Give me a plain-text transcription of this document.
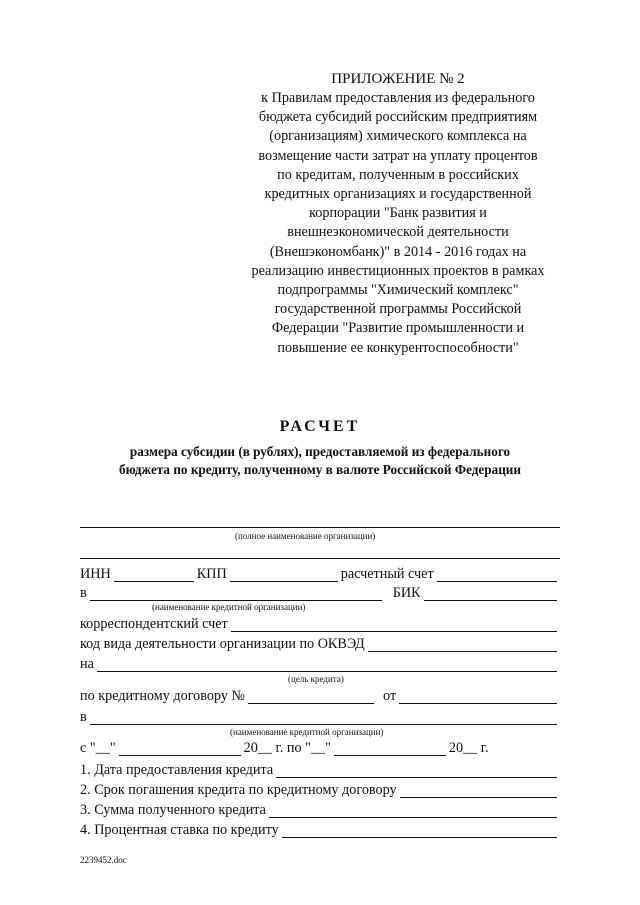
ПРИЛОЖЕНИЕ № 2
к Правилам предоставления из федерального
бюджета субсидий российским предприятиям
(организациям) химического комплекса на
возмещение части затрат на уплату процентов
по кредитам, полученным в российских
кредитных организациях и государственной
корпорации "Банк развития и
внешнеэкономической деятельности
(Внешэкономбанк)" в 2014 - 2016 годах на
реализацию инвестиционных проектов в рамках
подпрограммы "Химический комплекс"
государственной программы Российской
Федерации "Развитие промышленности и
повышение ее конкурентоспособности"
РАСЧЕТ
размера субсидии (в рублях), предоставляемой из федерального
бюджета по кредиту, полученному в валюте Российской Федерации
(полное наименование организации)
ИНН	КПП	расчетный счет
в	БИК
(наименование кредитной организации)
корреспондентский счет
код вида деятельности организации по ОКВЭД
на
(цель кредита)
по кредитному договору №	от
в
(наименование кредитной организации)
с "__"	20__ г. по "__"	20__ г.
1. Дата предоставления кредита
2. Срок погашения кредита по кредитному договору
3. Сумма полученного кредита
4. Процентная ставка по кредиту
2239452.doc
